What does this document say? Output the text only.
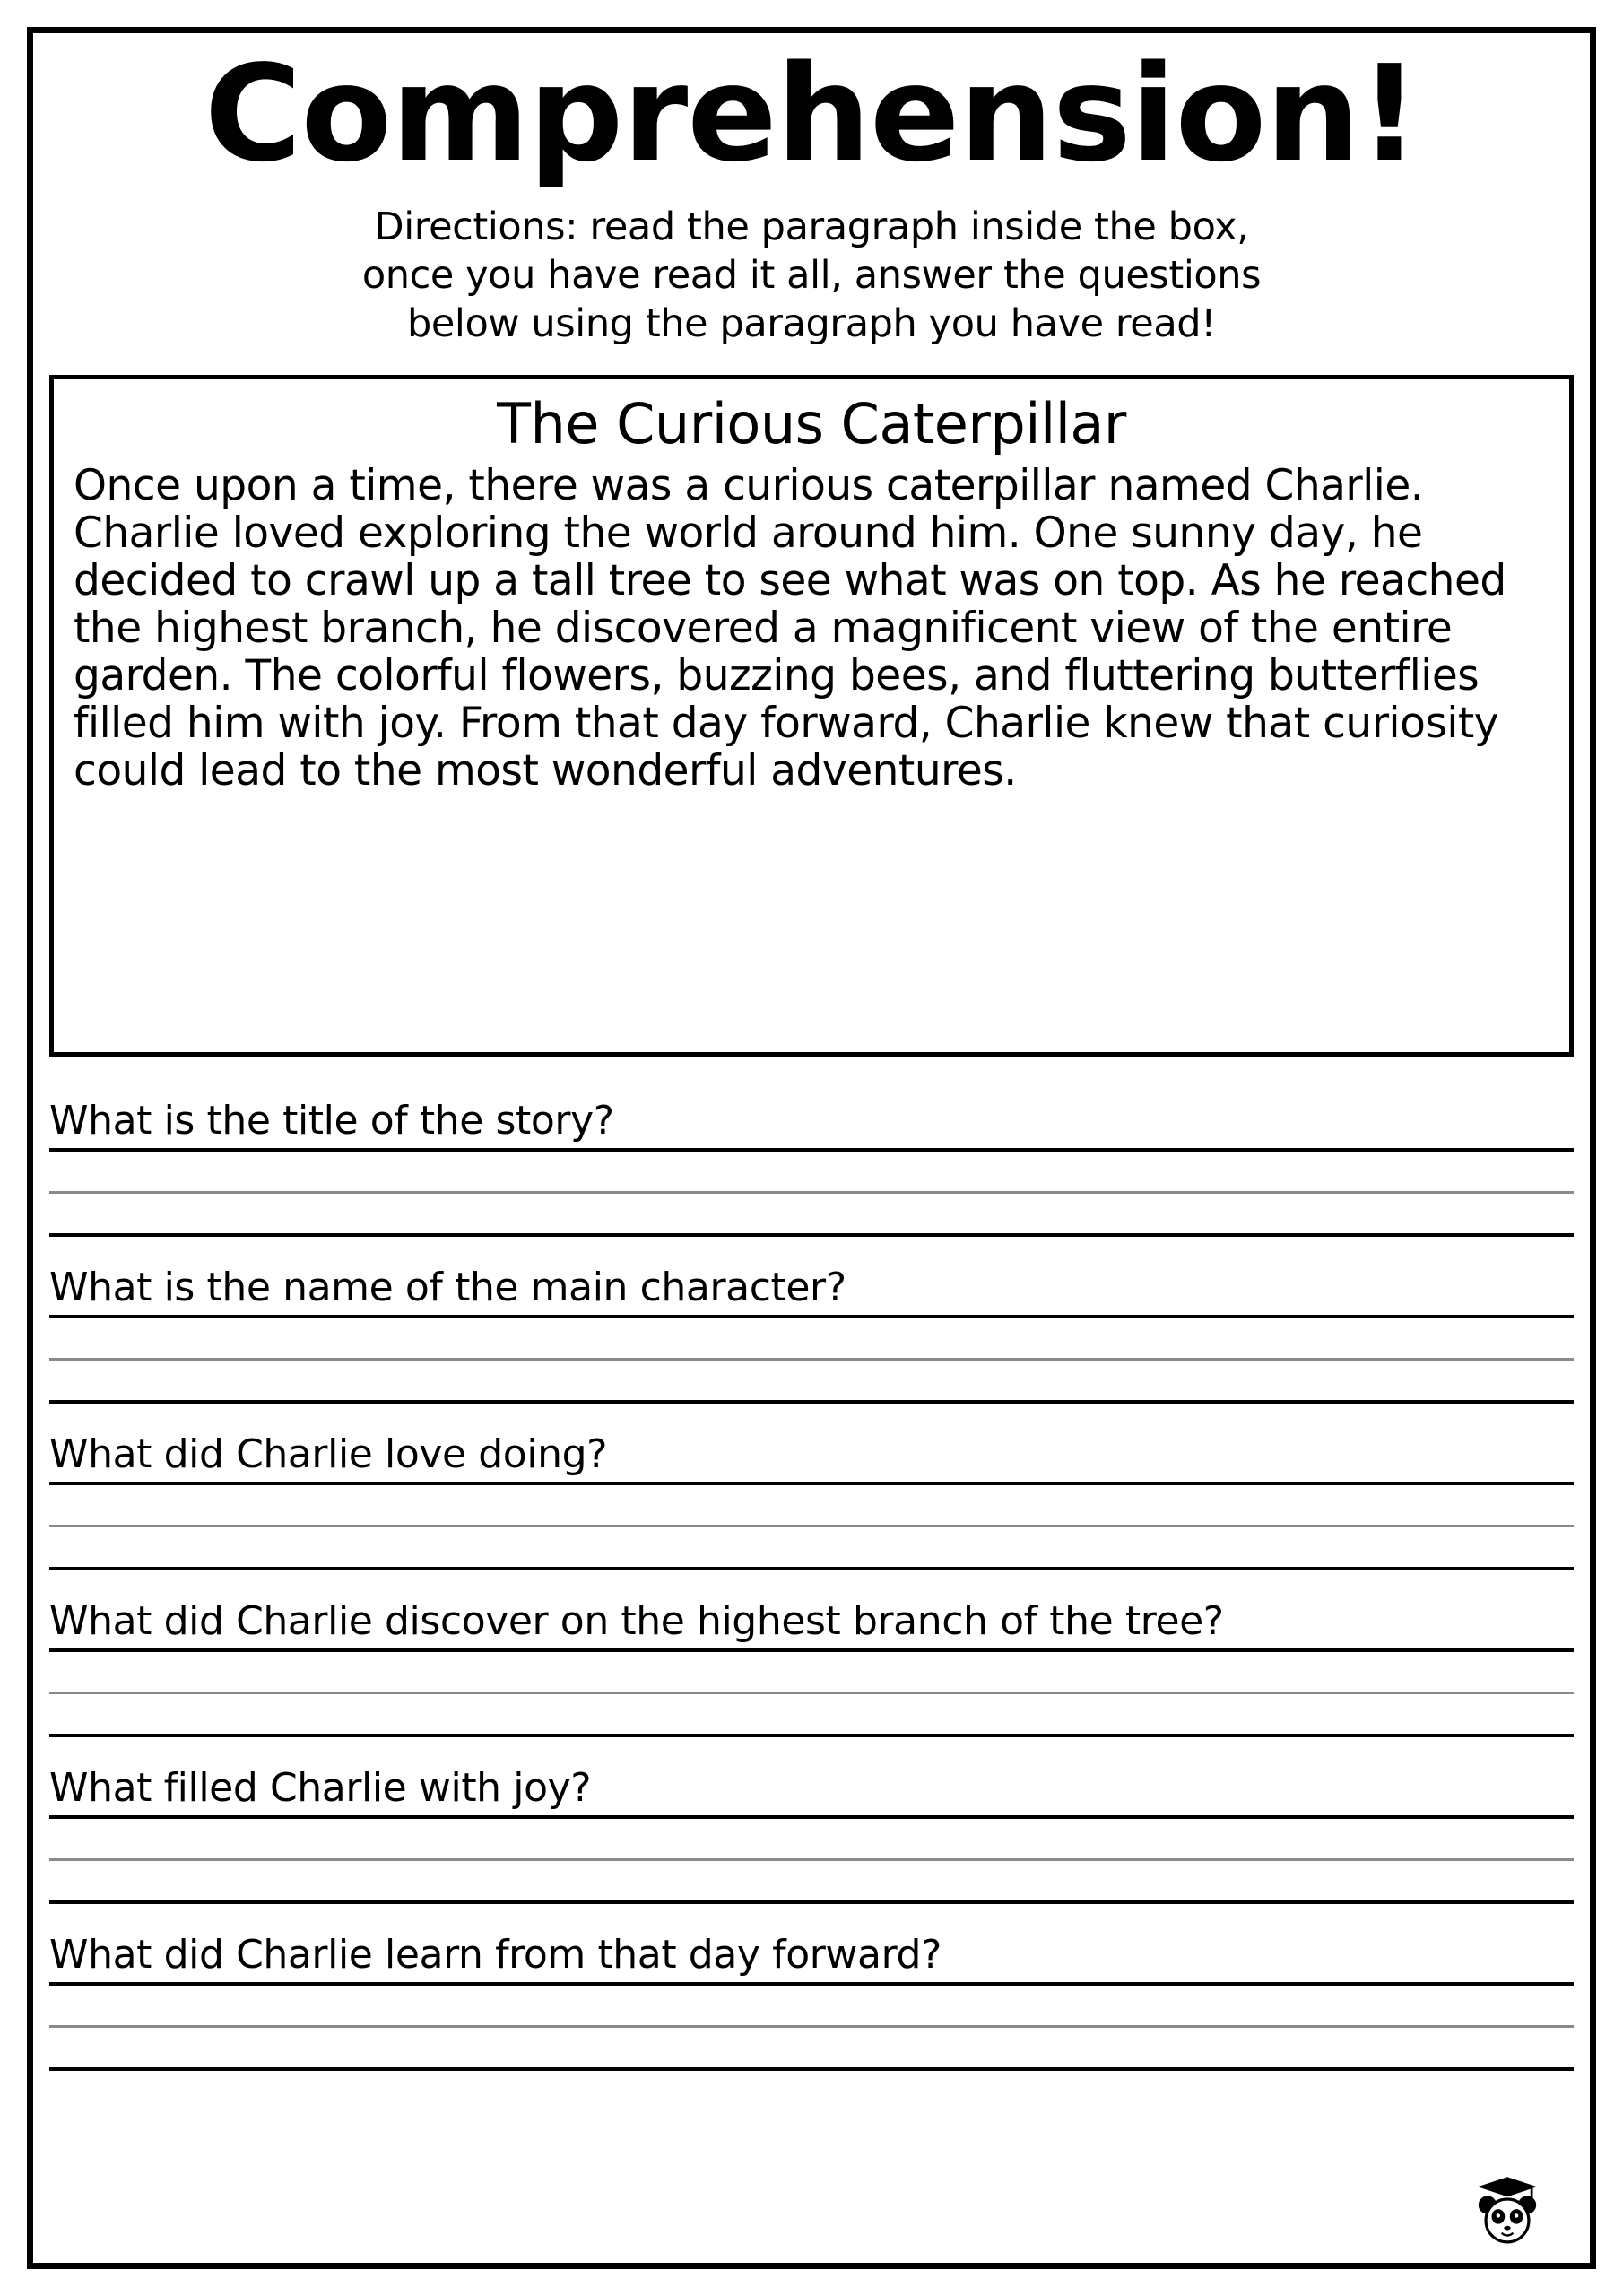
Comprehension!
Directions: read the paragraph inside the box,
once you have read it all, answer the questions
below using the paragraph you have read!
The Curious Caterpillar
Once upon a time, there was a curious caterpillar named Charlie. Charlie loved exploring the world around him. One sunny day, he decided to crawl up a tall tree to see what was on top. As he reached the highest branch, he discovered a magnificent view of the entire garden. The colorful flowers, buzzing bees, and fluttering butterflies filled him with joy. From that day forward, Charlie knew that curiosity could lead to the most wonderful adventures.
What is the title of the story?
What is the name of the main character?
What did Charlie love doing?
What did Charlie discover on the highest branch of the tree?
What filled Charlie with joy?
What did Charlie learn from that day forward?
